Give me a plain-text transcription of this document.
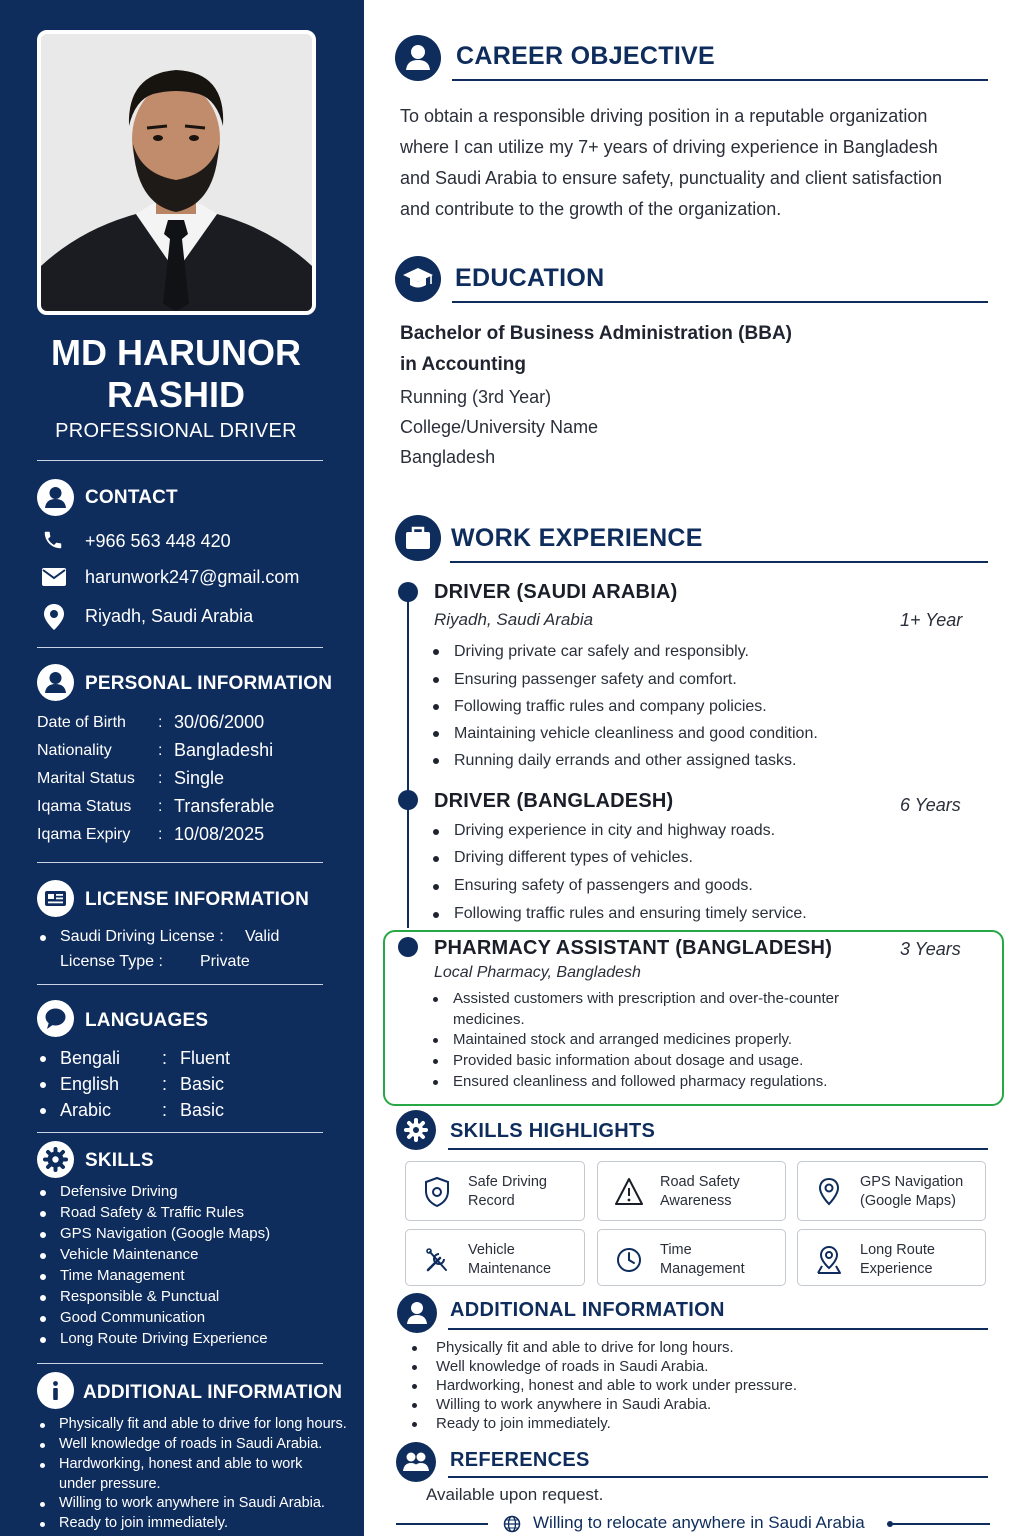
MD HARUNOR
RASHID
PROFESSIONAL DRIVER
CONTACT
+966 563 448 420
harunwork247@gmail.com
Riyadh, Saudi Arabia
PERSONAL INFORMATION
Date of Birth : 30/06/2000
Nationality	: Bangladeshi
Marital Status : Single
Iqama Status : Transferable
Iqama Expiry : 10/08/2025
LICENSE INFORMATION
Saudi Driving License : Valid
License Type : Private
LANGUAGES
Bengali : Fluent
English : Basic
Arabic	: Basic
SKILLS
Defensive Driving
Road Safety & Traffic Rules
GPS Navigation (Google Maps)
Vehicle Maintenance
Time Management
Responsible & Punctual
Good Communication
Long Route Driving Experience
ADDITIONAL INFORMATION
Physically fit and able to drive for long hours.
Well knowledge of roads in Saudi Arabia.
Hardworking, honest and able to work
under pressure.
Willing to work anywhere in Saudi Arabia.
Ready to join immediately.
CAREER OBJECTIVE
To obtain a responsible driving position in a reputable organization
where I can utilize my 7+ years of driving experience in Bangladesh
and Saudi Arabia to ensure safety, punctuality and client satisfaction
and contribute to the growth of the organization.
EDUCATION
Bachelor of Business Administration (BBA)
in Accounting
Running (3rd Year)
College/University Name
Bangladesh
WORK EXPERIENCE
DRIVER (SAUDI ARABIA)
Riyadh, Saudi Arabia	1+ Year
Driving private car safely and responsibly.
Ensuring passenger safety and comfort.
Following traffic rules and company policies.
Maintaining vehicle cleanliness and good condition.
Running daily errands and other assigned tasks.
DRIVER (BANGLADESH)	6 Years
Driving experience in city and highway roads.
Driving different types of vehicles.
Ensuring safety of passengers and goods.
Following traffic rules and ensuring timely service.
PHARMACY ASSISTANT (BANGLADESH)	3 Years
Local Pharmacy, Bangladesh
Assisted customers with prescription and over-the-counter
medicines.
Maintained stock and arranged medicines properly.
Provided basic information about dosage and usage.
Ensured cleanliness and followed pharmacy regulations.
SKILLS HIGHLIGHTS
Safe Driving
Record
Road Safety
Awareness
GPS Navigation
(Google Maps)
Vehicle
Maintenance
Time
Management
Long Route
Experience
ADDITIONAL INFORMATION
Physically fit and able to drive for long hours.
Well knowledge of roads in Saudi Arabia.
Hardworking, honest and able to work under pressure.
Willing to work anywhere in Saudi Arabia.
Ready to join immediately.
REFERENCES
Available upon request.
Willing to relocate anywhere in Saudi Arabia
